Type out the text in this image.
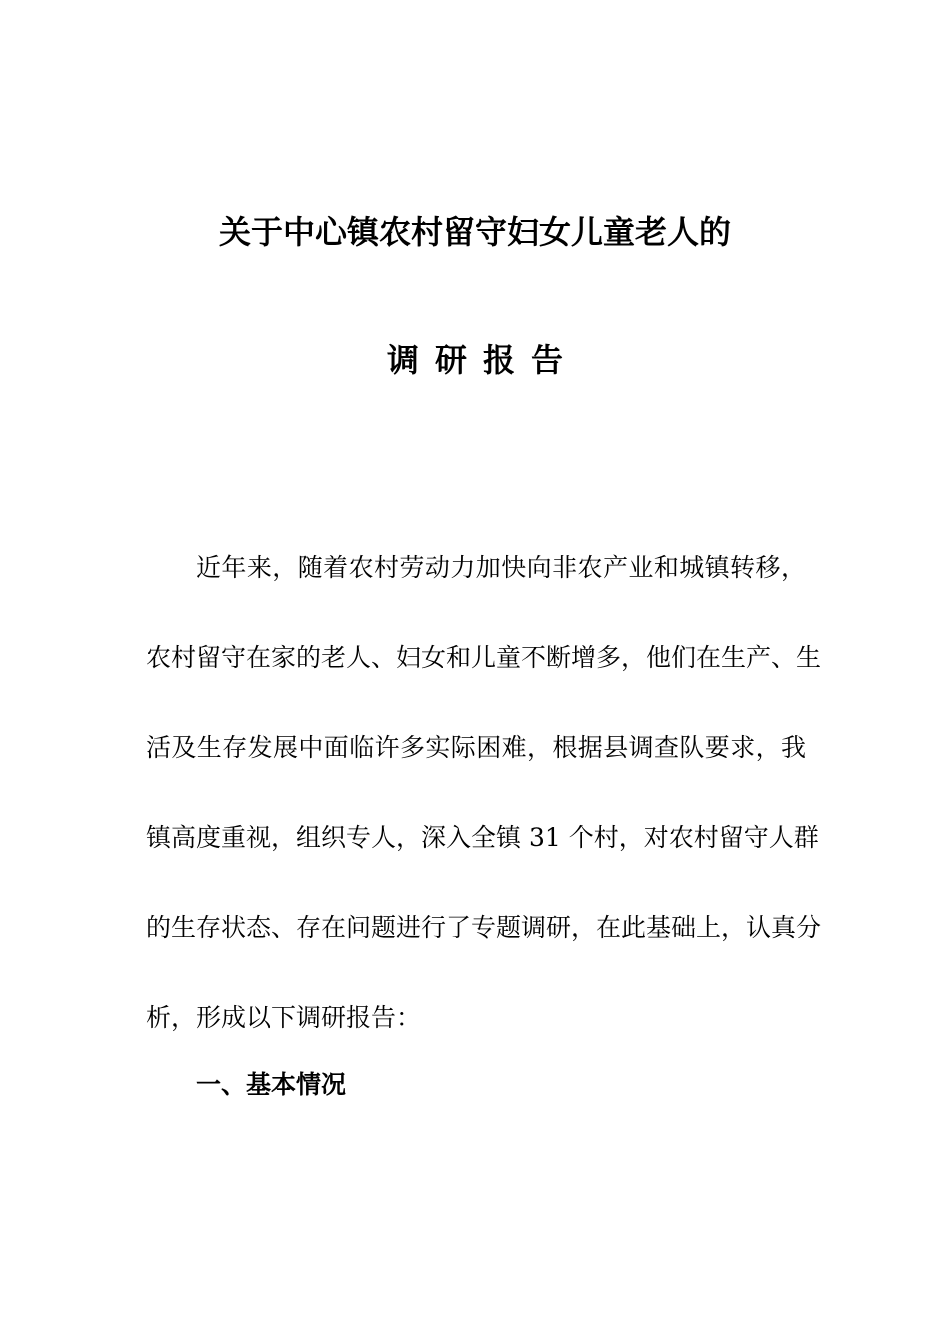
关于中心镇农村留守妇女儿童老人的
调研报告

近年来，随着农村劳动力加快向非农产业和城镇转移，

农村留守在家的老人、妇女和儿童不断增多，他们在生产、生

活及生存发展中面临许多实际困难，根据县调查队要求，我

镇高度重视，组织专人，深入全镇 31 个村，对农村留守人群

的生存状态、存在问题进行了专题调研，在此基础上，认真分

析，形成以下调研报告：

一、基本情况
